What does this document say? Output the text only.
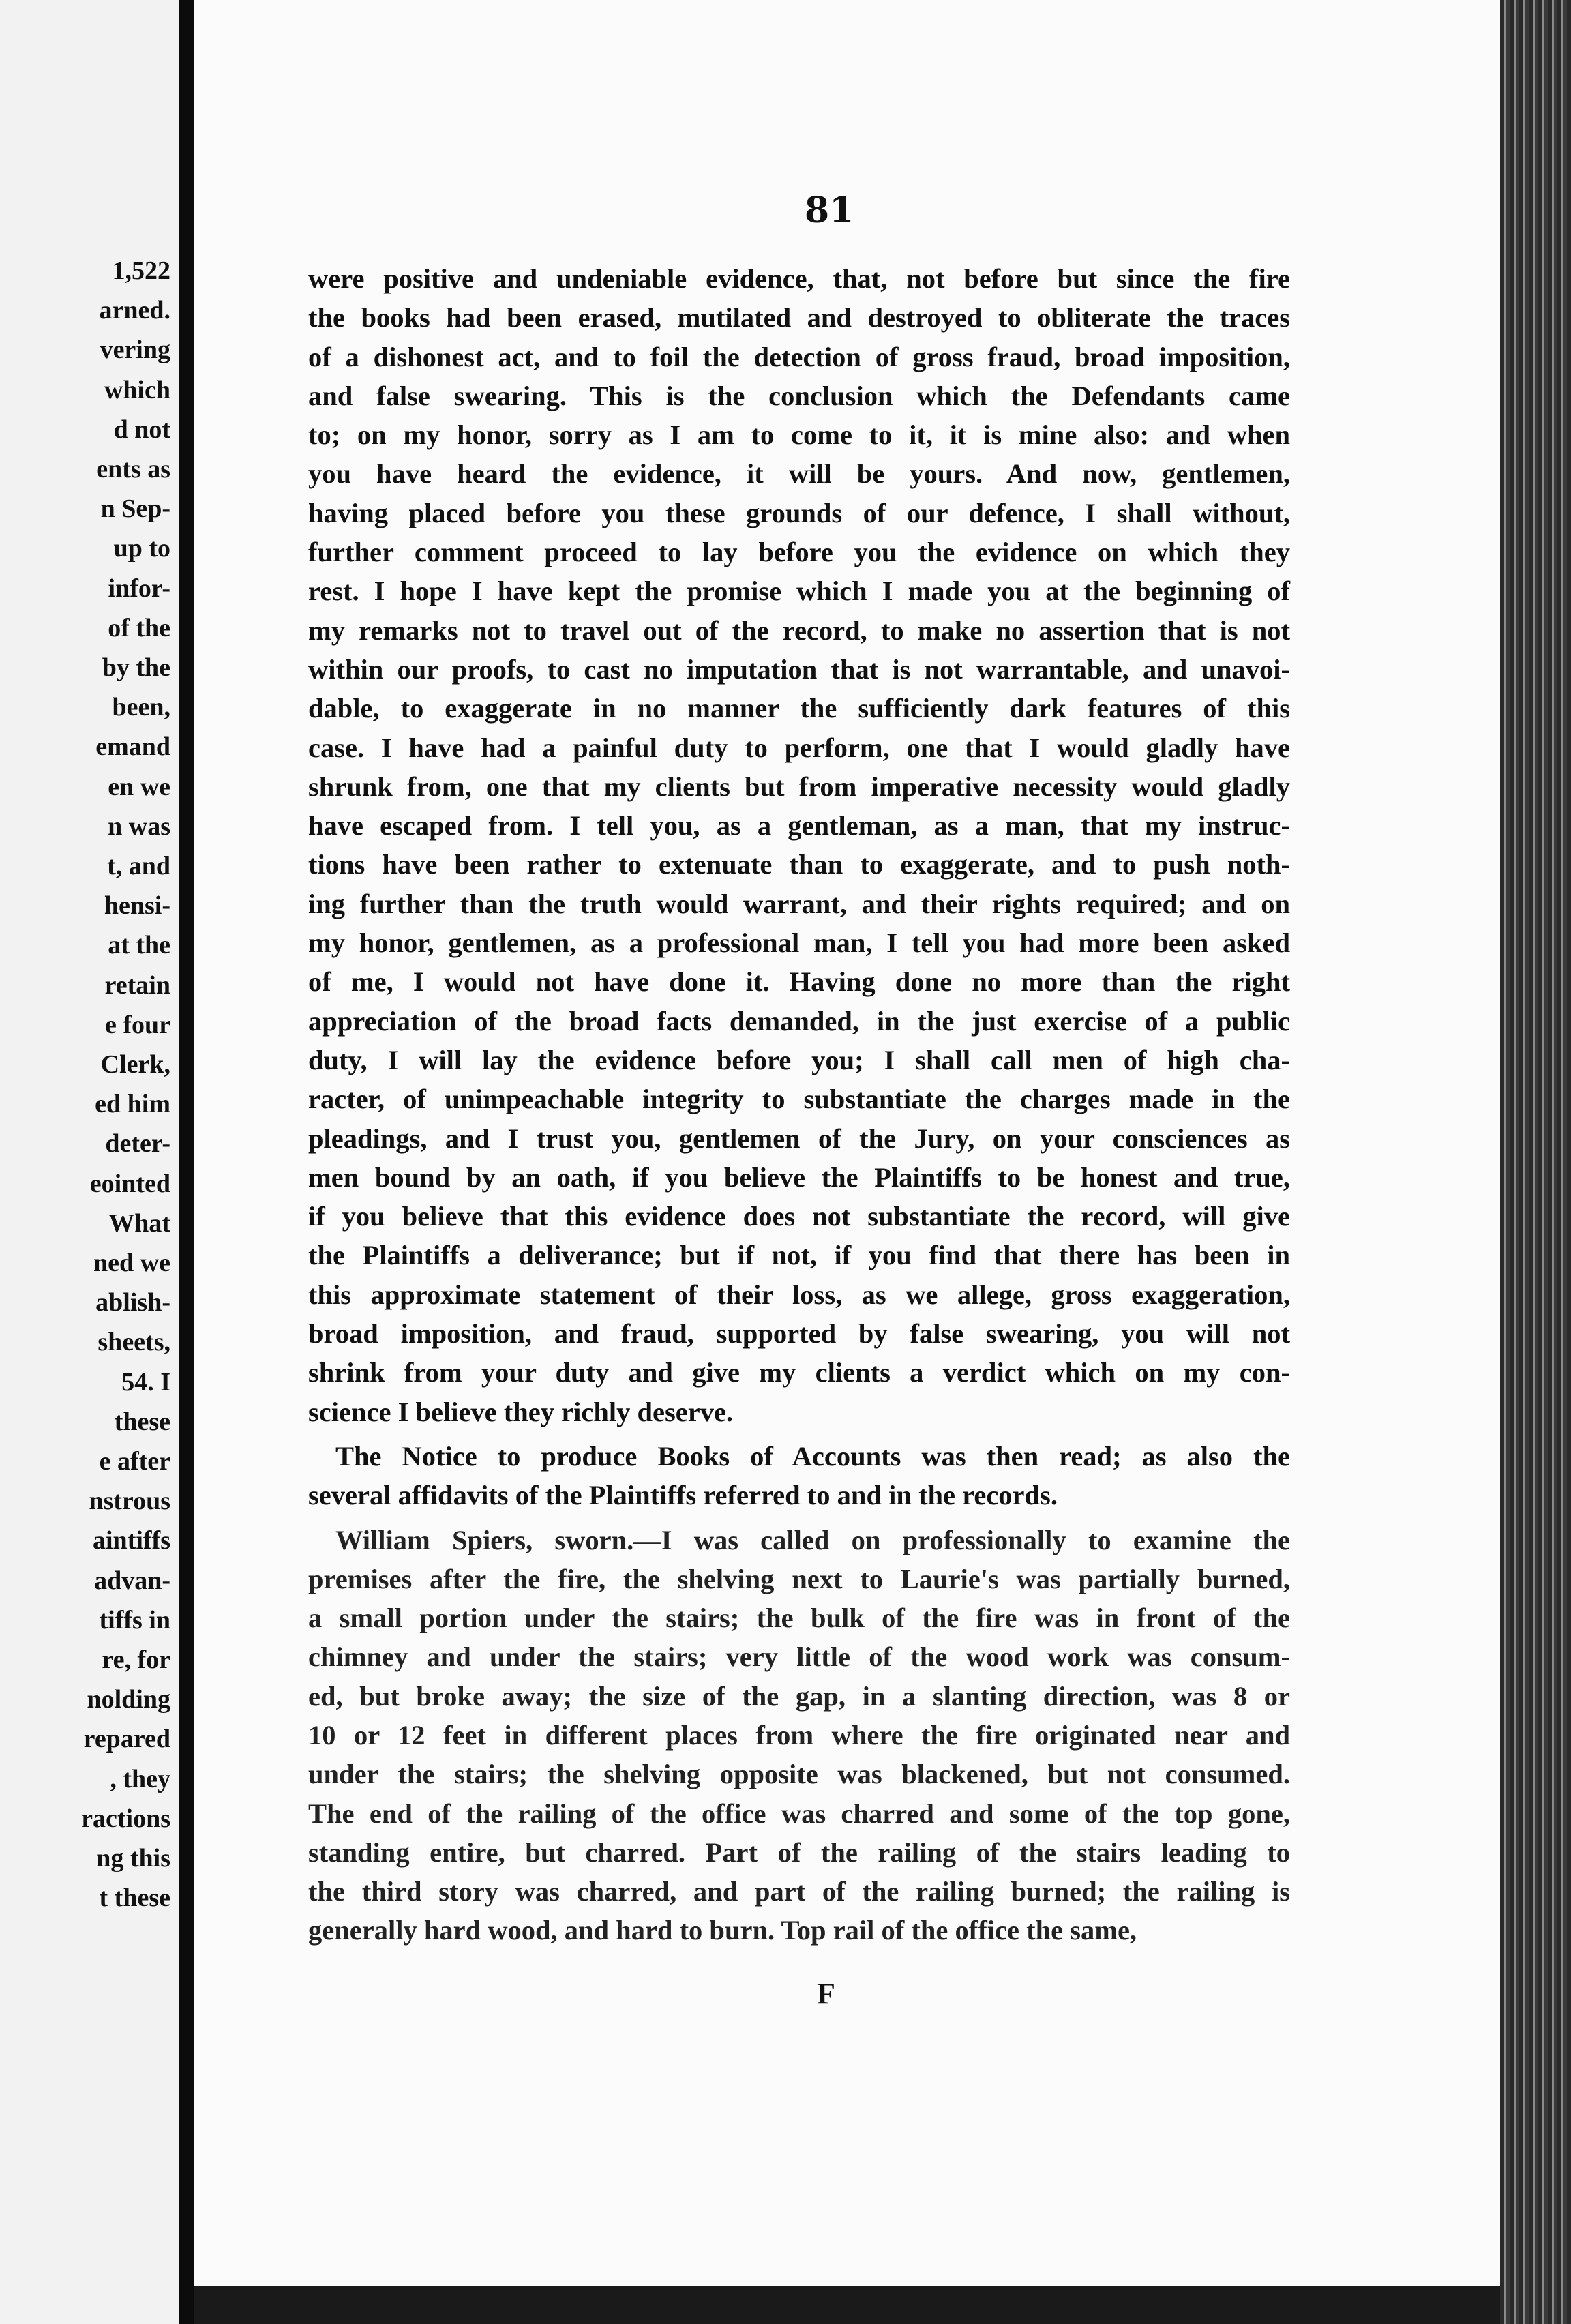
1,522
arned.
vering
which
d not
ents as
n Sep-
up to
infor-
of the
by the
been,
emand
en we
n was
t, and
hensi-
at the
retain
e four
Clerk,
ed him
deter-
eointed
What
ned we
ablish-
sheets,
54. I
these
e after
nstrous
aintiffs
advan-
tiffs in
re, for
nolding
repared
, they
ractions
ng this
t these
81
were positive and undeniable evidence, that, not before but since the fire
the books had been erased, mutilated and destroyed to obliterate the traces
of a dishonest act, and to foil the detection of gross fraud, broad imposition,
and false swearing. This is the conclusion which the Defendants came
to; on my honor, sorry as I am to come to it, it is mine also: and when
you have heard the evidence, it will be yours. And now, gentlemen,
having placed before you these grounds of our defence, I shall without,
further comment proceed to lay before you the evidence on which they
rest. I hope I have kept the promise which I made you at the beginning of
my remarks not to travel out of the record, to make no assertion that is not
within our proofs, to cast no imputation that is not warrantable, and unavoi-
dable, to exaggerate in no manner the sufficiently dark features of this
case. I have had a painful duty to perform, one that I would gladly have
shrunk from, one that my clients but from imperative necessity would gladly
have escaped from. I tell you, as a gentleman, as a man, that my instruc-
tions have been rather to extenuate than to exaggerate, and to push noth-
ing further than the truth would warrant, and their rights required; and on
my honor, gentlemen, as a professional man, I tell you had more been asked
of me, I would not have done it. Having done no more than the right
appreciation of the broad facts demanded, in the just exercise of a public
duty, I will lay the evidence before you; I shall call men of high cha-
racter, of unimpeachable integrity to substantiate the charges made in the
pleadings, and I trust you, gentlemen of the Jury, on your consciences as
men bound by an oath, if you believe the Plaintiffs to be honest and true,
if you believe that this evidence does not substantiate the record, will give
the Plaintiffs a deliverance; but if not, if you find that there has been in
this approximate statement of their loss, as we allege, gross exaggeration,
broad imposition, and fraud, supported by false swearing, you will not
shrink from your duty and give my clients a verdict which on my con-
science I believe they richly deserve.
The Notice to produce Books of Accounts was then read; as also the
several affidavits of the Plaintiffs referred to and in the records.
William Spiers, sworn.—I was called on professionally to examine the
premises after the fire, the shelving next to Laurie's was partially burned,
a small portion under the stairs; the bulk of the fire was in front of the
chimney and under the stairs; very little of the wood work was consum-
ed, but broke away; the size of the gap, in a slanting direction, was 8 or
10 or 12 feet in different places from where the fire originated near and
under the stairs; the shelving opposite was blackened, but not consumed.
The end of the railing of the office was charred and some of the top gone,
standing entire, but charred. Part of the railing of the stairs leading to
the third story was charred, and part of the railing burned; the railing is
generally hard wood, and hard to burn. Top rail of the office the same,
F
